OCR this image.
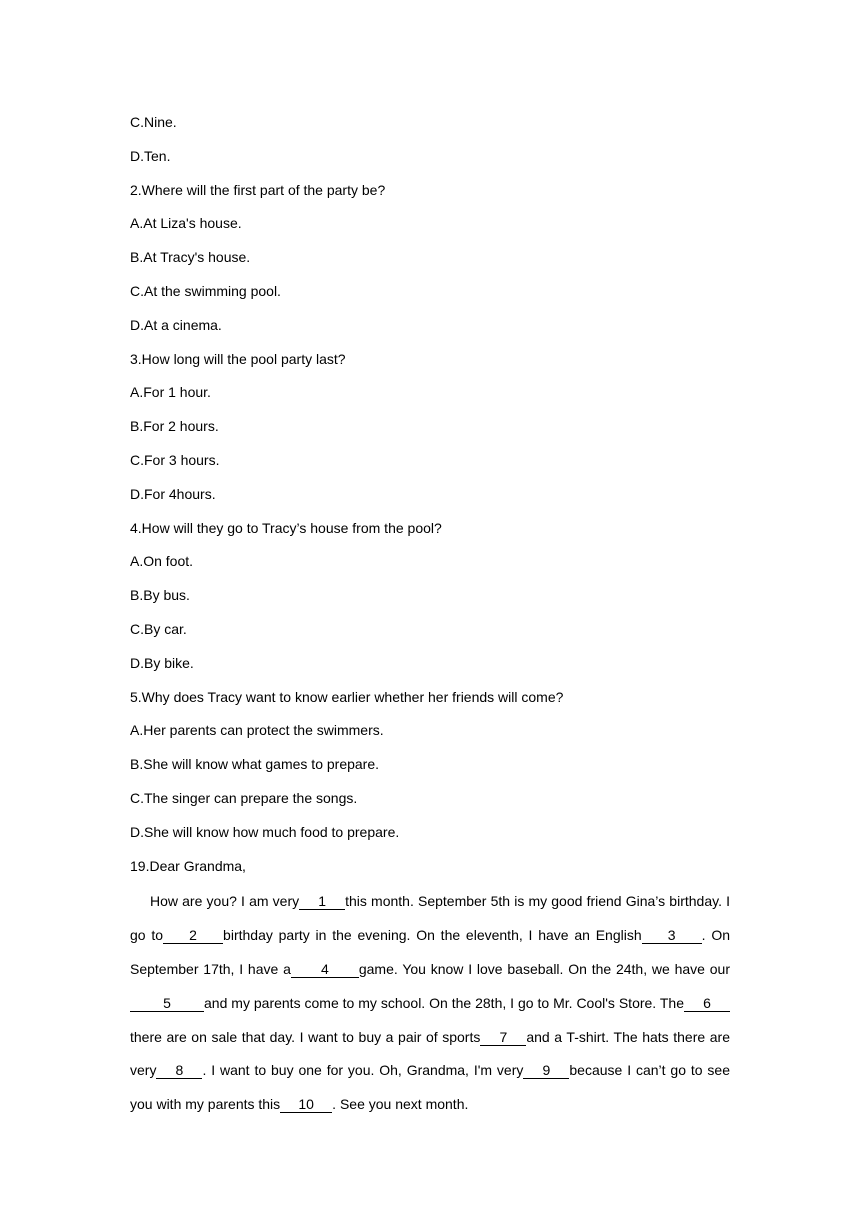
C.Nine.
D.Ten.
2.Where will the first part of the party be?
A.At Liza's house.
B.At Tracy's house.
C.At the swimming pool.
D.At a cinema.
3.How long will the pool party last?
A.For 1 hour.
B.For 2 hours.
C.For 3 hours.
D.For 4hours.
4.How will they go to Tracy’s house from the pool?
A.On foot.
B.By bus.
C.By car.
D.By bike.
5.Why does Tracy want to know earlier whether her friends will come?
A.Her parents can protect the swimmers.
B.She will know what games to prepare.
C.The singer can prepare the songs.
D.She will know how much food to prepare.
19.Dear Grandma,

How are you? I am very 1 this month. September 5th is my good friend Gina’s birthday. I go to 2 birthday party in the evening. On the eleventh, I have an English 3 . On September 17th, I have a 4 game. You know I love baseball. On the 24th, we have our5 and my parents come to my school. On the 28th, I go to Mr. Cool's Store. The 6there are on sale that day. I want to buy a pair of sports 7 and a T-shirt. The hats there are very 8 . I want to buy one for you. Oh, Grandma, I'm very 9 because I can’t go to see you with my parents this 10 . See you next month.
